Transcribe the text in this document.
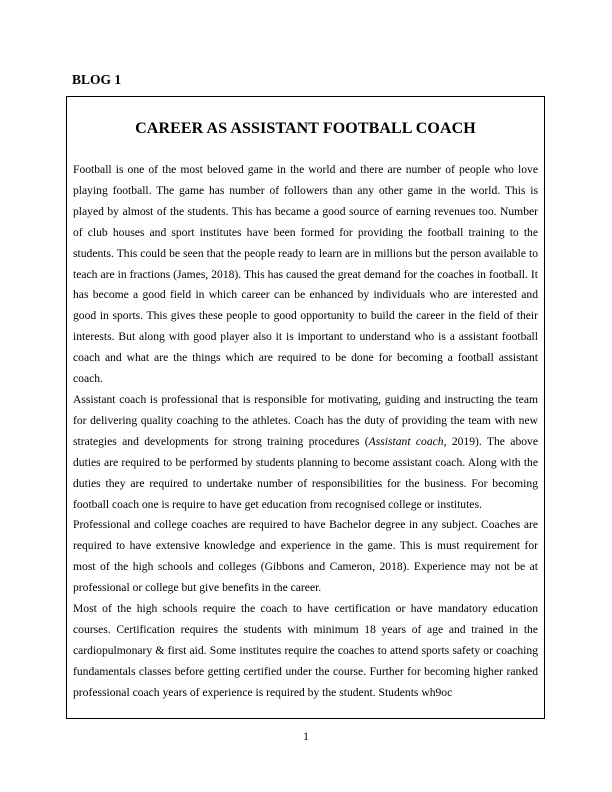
BLOG 1
CAREER AS ASSISTANT FOOTBALL COACH

Football is one of the most beloved game in the world and there are number of people who love playing football. The game has number of followers than any other game in the world. This is played by almost of the students. This has became a good source of earning revenues too. Number of club houses and sport institutes have been formed for providing the football training to the students. This could be seen that the people ready to learn are in millions but the person available to teach are in fractions (James, 2018). This has caused the great demand for the coaches in football. It has become a good field in which career can be enhanced by individuals who are interested and good in sports. This gives these people to good opportunity to build the career in the field of their interests. But along with good player also it is important to understand who is a assistant football coach and what are the things which are required to be done for becoming a football assistant coach.

Assistant coach is professional that is responsible for motivating, guiding and instructing the team for delivering quality coaching to the athletes. Coach has the duty of providing the team with new strategies and developments for strong training procedures (Assistant coach, 2019). The above duties are required to be performed by students planning to become assistant coach. Along with the duties they are required to undertake number of responsibilities for the business. For becoming football coach one is require to have get education from recognised college or institutes.

Professional and college coaches are required to have Bachelor degree in any subject. Coaches are required to have extensive knowledge and experience in the game. This is must requirement for most of the high schools and colleges (Gibbons and Cameron, 2018). Experience may not be at professional or college but give benefits in the career.

Most of the high schools require the coach to have certification or have mandatory education courses. Certification requires the students with minimum 18 years of age and trained in the cardiopulmonary & first aid. Some institutes require the coaches to attend sports safety or coaching fundamentals classes before getting certified under the course. Further for becoming higher ranked professional coach years of experience is required by the student. Students wh9oc

1
